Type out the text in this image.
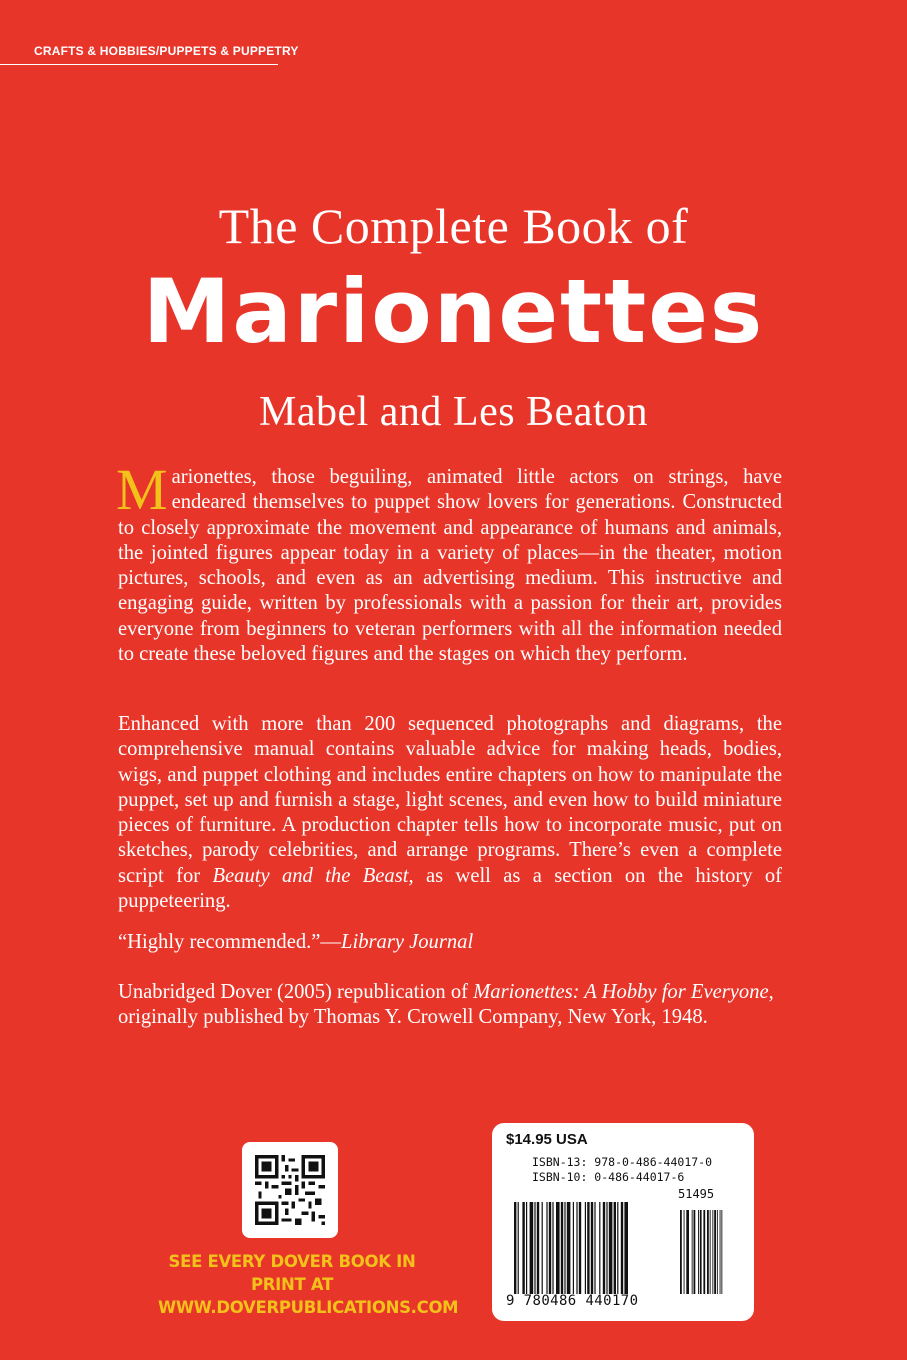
CRAFTS & HOBBIES/PUPPETS & PUPPETRY
The Complete Book of
Marionettes
Mabel and Les Beaton

Marionettes, those beguiling, animated little actors on strings, have endeared themselves to puppet show lovers for generations. Constructed to closely approximate the movement and appearance of humans and animals, the jointed figures appear today in a variety of places—in the theater, motion pictures, schools, and even as an advertising medium. This instructive and engaging guide, written by professionals with a passion for their art, provides everyone from beginners to veteran performers with all the information needed to create these beloved figures and the stages on which they perform.

Enhanced with more than 200 sequenced photographs and diagrams, the comprehensive manual contains valuable advice for making heads, bodies, wigs, and puppet clothing and includes entire chapters on how to manipulate the puppet, set up and furnish a stage, light scenes, and even how to build miniature pieces of furniture. A production chapter tells how to incorporate music, put on sketches, parody celebrities, and arrange programs. There’s even a complete script for Beauty and the Beast, as well as a section on the history of puppeteering.

“Highly recommended.”—Library Journal

Unabridged Dover (2005) republication of Marionettes: A Hobby for Everyone, originally published by Thomas Y. Crowell Company, New York, 1948.

SEE EVERY DOVER BOOK IN PRINT AT
WWW.DOVERPUBLICATIONS.COM
$14.95 USA
ISBN-13: 978-0-486-44017-0
ISBN-10: 0-486-44017-6
51495
9 780486 440170
